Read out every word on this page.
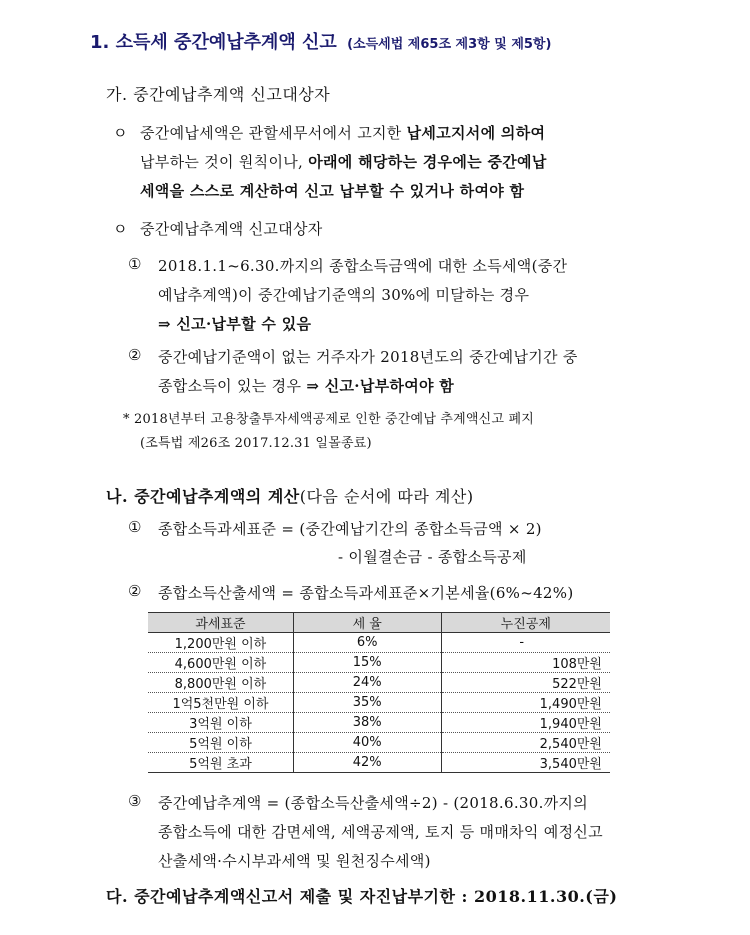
1. 소득세 중간예납추계액 신고 (소득세법 제65조 제3항 및 제5항)
가. 중간예납추계액 신고대상자
ㅇ 중간예납세액은 관할세무서에서 고지한 납세고지서에 의하여
납부하는 것이 원칙이나, 아래에 해당하는 경우에는 중간예납
세액을 스스로 계산하여 신고 납부할 수 있거나 하여야 함
ㅇ 중간예납추계액 신고대상자
① 2018.1.1~6.30.까지의 종합소득금액에 대한 소득세액(중간
예납추계액)이 중간예납기준액의 30%에 미달하는 경우
⇒ 신고·납부할 수 있음
② 중간예납기준액이 없는 거주자가 2018년도의 중간예납기간 중
종합소득이 있는 경우 ⇒ 신고·납부하여야 함
* 2018년부터 고용창출투자세액공제로 인한 중간예납 추계액신고 폐지
(조특법 제26조 2017.12.31 일몰종료)
나. 중간예납추계액의 계산(다음 순서에 따라 계산)
① 종합소득과세표준 = (중간예납기간의 종합소득금액 × 2)
- 이월결손금 - 종합소득공제
② 종합소득산출세액 = 종합소득과세표준×기본세율(6%~42%)
과세표준	세 율	누진공제
1,200만원 이하	6%	-
4,600만원 이하	15%	108만원
8,800만원 이하	24%	522만원
1억5천만원 이하	35%	1,490만원
3억원 이하	38%	1,940만원
5억원 이하	40%	2,540만원
5억원 초과	42%	3,540만원
③ 중간예납추계액 = (종합소득산출세액÷2) - (2018.6.30.까지의
종합소득에 대한 감면세액, 세액공제액, 토지 등 매매차익 예정신고
산출세액·수시부과세액 및 원천징수세액)
다. 중간예납추계액신고서 제출 및 자진납부기한 : 2018.11.30.(금)
